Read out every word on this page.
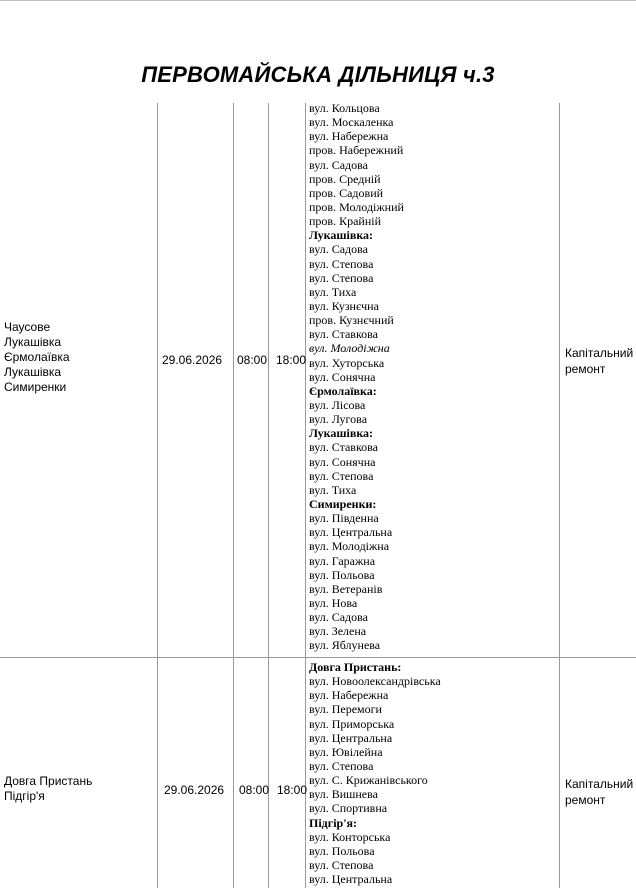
ПЕРВОМАЙСЬКА ДІЛЬНИЦЯ ч.3
Чаусове
Лукашівка
Єрмолаївка
Лукашівка
Симиренки
29.06.2026 08:00 18:00
вул. Кольцова
вул. Москаленка
вул. Набережна
пров. Набережний
вул. Садова
пров. Средній
пров. Садовий
пров. Молодіжний
пров. Крайній
Лукашівка:
вул. Садова
вул. Степова
вул. Степова
вул. Тиха
вул. Кузнєчна
пров. Кузнєчний
вул. Ставкова
вул. Молодіжна
вул. Хуторська
вул. Сонячна
Єрмолаївка:
вул. Лісова
вул. Лугова
Лукашівка:
вул. Ставкова
вул. Сонячна
вул. Степова
вул. Тиха
Симиренки:
вул. Південна
вул. Центральна
вул. Молодіжна
вул. Гаражна
вул. Польова
вул. Ветеранів
вул. Нова
вул. Садова
вул. Зелена
вул. Яблунева
Капітальний ремонт
Довга Пристань
Підгір'я	29.06.2026 08:00 18:00
Довга Пристань:
вул. Новоолександрівська
вул. Набережна
вул. Перемоги
вул. Приморська
вул. Центральна
вул. Ювілейна
вул. Степова
вул. С. Крижанівського
вул. Вишнева
вул. Спортивна
Підгір'я:
вул. Конторська
вул. Польова
вул. Степова
вул. Центральна
Капітальний ремонт
